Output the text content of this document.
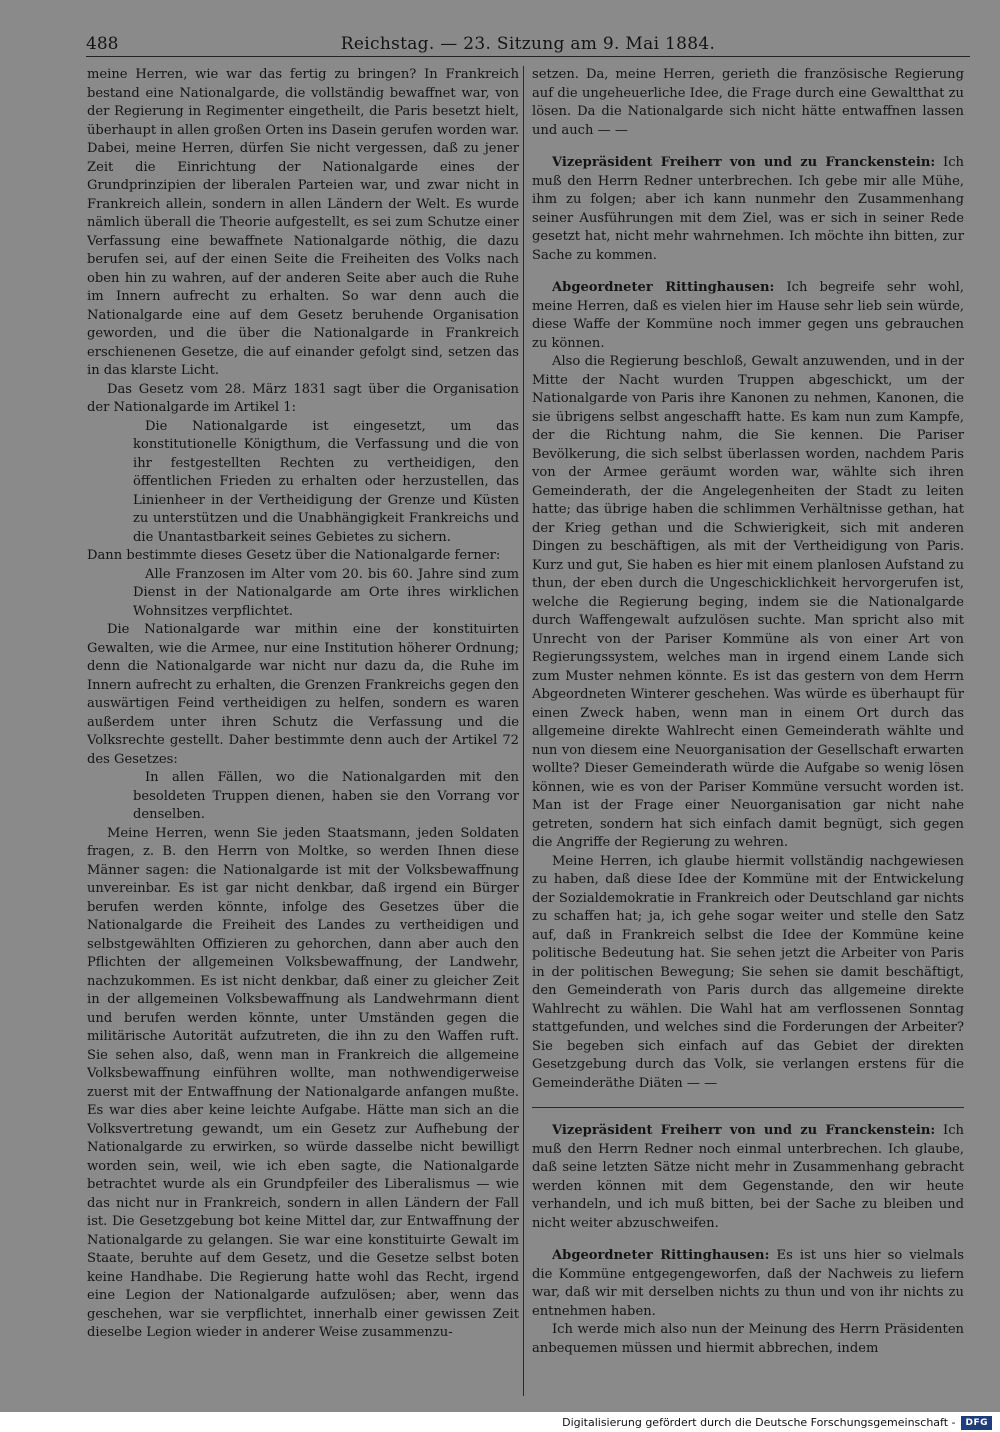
488	Reichstag. — 23. Sitzung am 9. Mai 1884.

meine Herren, wie war das fertig zu bringen? In Frankreich bestand eine Nationalgarde, die vollständig bewaffnet war, von der Regierung in Regimenter eingetheilt, die Paris besetzt hielt, überhaupt in allen großen Orten ins Dasein gerufen worden war. Dabei, meine Herren, dürfen Sie nicht vergessen, daß zu jener Zeit die Einrichtung der Nationalgarde eines der Grundprinzipien der liberalen Parteien war, und zwar nicht in Frankreich allein, sondern in allen Ländern der Welt. Es wurde nämlich überall die Theorie aufgestellt, es sei zum Schutze einer Verfassung eine bewaffnete Nationalgarde nöthig, die dazu berufen sei, auf der einen Seite die Freiheiten des Volks nach oben hin zu wahren, auf der anderen Seite aber auch die Ruhe im Innern aufrecht zu erhalten. So war denn auch die Nationalgarde eine auf dem Gesetz beruhende Organisation geworden, und die über die Nationalgarde in Frankreich erschienenen Gesetze, die auf einander gefolgt sind, setzen das in das klarste Licht.

Das Gesetz vom 28. März 1831 sagt über die Organisation der Nationalgarde im Artikel 1:

Die Nationalgarde ist eingesetzt, um das konstitutionelle Königthum, die Verfassung und die von ihr festgestellten Rechten zu vertheidigen, den öffentlichen Frieden zu erhalten oder herzustellen, das Linienheer in der Vertheidigung der Grenze und Küsten zu unterstützen und die Unabhängigkeit Frankreichs und die Unantastbarkeit seines Gebietes zu sichern.

Dann bestimmte dieses Gesetz über die Nationalgarde ferner:

Alle Franzosen im Alter vom 20. bis 60. Jahre sind zum Dienst in der Nationalgarde am Orte ihres wirklichen Wohnsitzes verpflichtet.

Die Nationalgarde war mithin eine der konstituirten Gewalten, wie die Armee, nur eine Institution höherer Ordnung; denn die Nationalgarde war nicht nur dazu da, die Ruhe im Innern aufrecht zu erhalten, die Grenzen Frankreichs gegen den auswärtigen Feind vertheidigen zu helfen, sondern es waren außerdem unter ihren Schutz die Verfassung und die Volksrechte gestellt. Daher bestimmte denn auch der Artikel 72 des Gesetzes:

In allen Fällen, wo die Nationalgarden mit den besoldeten Truppen dienen, haben sie den Vorrang vor denselben.

Meine Herren, wenn Sie jeden Staatsmann, jeden Soldaten fragen, z. B. den Herrn von Moltke, so werden Ihnen diese Männer sagen: die Nationalgarde ist mit der Volksbewaffnung unvereinbar. Es ist gar nicht denkbar, daß irgend ein Bürger berufen werden könnte, infolge des Gesetzes über die Nationalgarde die Freiheit des Landes zu vertheidigen und selbstgewählten Offizieren zu gehorchen, dann aber auch den Pflichten der allgemeinen Volksbewaffnung, der Landwehr, nachzukommen. Es ist nicht denkbar, daß einer zu gleicher Zeit in der allgemeinen Volksbewaffnung als Landwehrmann dient und berufen werden könnte, unter Umständen gegen die militärische Autorität aufzutreten, die ihn zu den Waffen ruft. Sie sehen also, daß, wenn man in Frankreich die allgemeine Volksbewaffnung einführen wollte, man nothwendigerweise zuerst mit der Entwaffnung der Nationalgarde anfangen mußte. Es war dies aber keine leichte Aufgabe. Hätte man sich an die Volksvertretung gewandt, um ein Gesetz zur Aufhebung der Nationalgarde zu erwirken, so würde dasselbe nicht bewilligt worden sein, weil, wie ich eben sagte, die Nationalgarde betrachtet wurde als ein Grundpfeiler des Liberalismus — wie das nicht nur in Frankreich, sondern in allen Ländern der Fall ist. Die Gesetzgebung bot keine Mittel dar, zur Entwaffnung der Nationalgarde zu gelangen. Sie war eine konstituirte Gewalt im Staate, beruhte auf dem Gesetz, und die Gesetze selbst boten keine Handhabe. Die Regierung hatte wohl das Recht, irgend eine Legion der Nationalgarde aufzulösen; aber, wenn das geschehen, war sie verpflichtet, innerhalb einer gewissen Zeit dieselbe Legion wieder in anderer Weise zusammenzu-

setzen. Da, meine Herren, gerieth die französische Regierung auf die ungeheuerliche Idee, die Frage durch eine Gewaltthat zu lösen. Da die Nationalgarde sich nicht hätte entwaffnen lassen und auch — —

Vizepräsident Freiherr von und zu Franckenstein: Ich muß den Herrn Redner unterbrechen. Ich gebe mir alle Mühe, ihm zu folgen; aber ich kann nunmehr den Zusammenhang seiner Ausführungen mit dem Ziel, was er sich in seiner Rede gesetzt hat, nicht mehr wahrnehmen. Ich möchte ihn bitten, zur Sache zu kommen.

Abgeordneter Rittinghausen: Ich begreife sehr wohl, meine Herren, daß es vielen hier im Hause sehr lieb sein würde, diese Waffe der Kommüne noch immer gegen uns gebrauchen zu können.

Also die Regierung beschloß, Gewalt anzuwenden, und in der Mitte der Nacht wurden Truppen abgeschickt, um der Nationalgarde von Paris ihre Kanonen zu nehmen, Kanonen, die sie übrigens selbst angeschafft hatte. Es kam nun zum Kampfe, der die Richtung nahm, die Sie kennen. Die Pariser Bevölkerung, die sich selbst überlassen worden, nachdem Paris von der Armee geräumt worden war, wählte sich ihren Gemeinderath, der die Angelegenheiten der Stadt zu leiten hatte; das übrige haben die schlimmen Verhältnisse gethan, hat der Krieg gethan und die Schwierigkeit, sich mit anderen Dingen zu beschäftigen, als mit der Vertheidigung von Paris. Kurz und gut, Sie haben es hier mit einem planlosen Aufstand zu thun, der eben durch die Ungeschicklichkeit hervorgerufen ist, welche die Regierung beging, indem sie die Nationalgarde durch Waffengewalt aufzulösen suchte. Man spricht also mit Unrecht von der Pariser Kommüne als von einer Art von Regierungssystem, welches man in irgend einem Lande sich zum Muster nehmen könnte. Es ist das gestern von dem Herrn Abgeordneten Winterer geschehen. Was würde es überhaupt für einen Zweck haben, wenn man in einem Ort durch das allgemeine direkte Wahlrecht einen Gemeinderath wählte und nun von diesem eine Neuorganisation der Gesellschaft erwarten wollte? Dieser Gemeinderath würde die Aufgabe so wenig lösen können, wie es von der Pariser Kommüne versucht worden ist. Man ist der Frage einer Neuorganisation gar nicht nahe getreten, sondern hat sich einfach damit begnügt, sich gegen die Angriffe der Regierung zu wehren.

Meine Herren, ich glaube hiermit vollständig nachgewiesen zu haben, daß diese Idee der Kommüne mit der Entwickelung der Sozialdemokratie in Frankreich oder Deutschland gar nichts zu schaffen hat; ja, ich gehe sogar weiter und stelle den Satz auf, daß in Frankreich selbst die Idee der Kommüne keine politische Bedeutung hat. Sie sehen jetzt die Arbeiter von Paris in der politischen Bewegung; Sie sehen sie damit beschäftigt, den Gemeinderath von Paris durch das allgemeine direkte Wahlrecht zu wählen. Die Wahl hat am verflossenen Sonntag stattgefunden, und welches sind die Forderungen der Arbeiter? Sie begeben sich einfach auf das Gebiet der direkten Gesetzgebung durch das Volk, sie verlangen erstens für die Gemeinderäthe Diäten — —

Vizepräsident Freiherr von und zu Franckenstein: Ich muß den Herrn Redner noch einmal unterbrechen. Ich glaube, daß seine letzten Sätze nicht mehr in Zusammenhang gebracht werden können mit dem Gegenstande, den wir heute verhandeln, und ich muß bitten, bei der Sache zu bleiben und nicht weiter abzuschweifen.

Abgeordneter Rittinghausen: Es ist uns hier so vielmals die Kommüne entgegengeworfen, daß der Nachweis zu liefern war, daß wir mit derselben nichts zu thun und von ihr nichts zu entnehmen haben.

Ich werde mich also nun der Meinung des Herrn Präsidenten anbequemen müssen und hiermit abbrechen, indem

Digitalisierung gefördert durch die Deutsche Forschungsgemeinschaft -	DFG
